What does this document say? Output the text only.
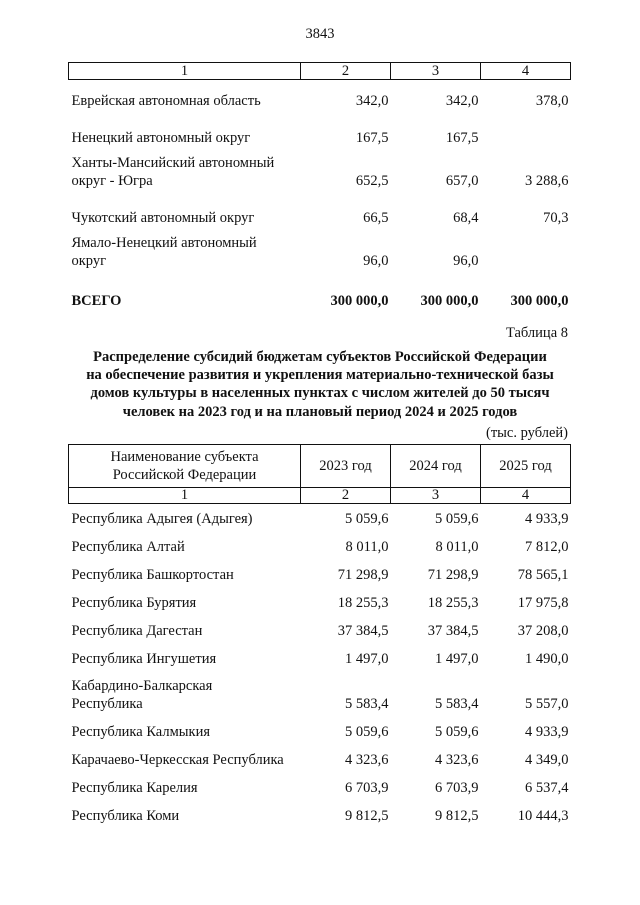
3843
1	2	3	4
Еврейская автономная область	342,0	342,0	378,0
Ненецкий автономный округ	167,5	167,5	
Ханты-Мансийский автономный
округ - Югра	652,5	657,0	3 288,6
Чукотский автономный округ	66,5	68,4	70,3
Ямало-Ненецкий автономный
округ	96,0	96,0	
ВСЕГО	300 000,0	300 000,0	300 000,0
Таблица 8
Распределение субсидий бюджетам субъектов Российской Федерации
на обеспечение развития и укрепления материально-технической базы
домов культуры в населенных пунктах с числом жителей до 50 тысяч
человек на 2023 год и на плановый период 2024 и 2025 годов
(тыс. рублей)
Наименование субъекта
Российской Федерации	2023 год	2024 год	2025 год
1	2	3	4
Республика Адыгея (Адыгея)	5 059,6	5 059,6	4 933,9
Республика Алтай	8 011,0	8 011,0	7 812,0
Республика Башкортостан	71 298,9	71 298,9	78 565,1
Республика Бурятия	18 255,3	18 255,3	17 975,8
Республика Дагестан	37 384,5	37 384,5	37 208,0
Республика Ингушетия	1 497,0	1 497,0	1 490,0
Кабардино-Балкарская
Республика	5 583,4	5 583,4	5 557,0
Республика Калмыкия	5 059,6	5 059,6	4 933,9
Карачаево-Черкесская Республика	4 323,6	4 323,6	4 349,0
Республика Карелия	6 703,9	6 703,9	6 537,4
Республика Коми	9 812,5	9 812,5	10 444,3
